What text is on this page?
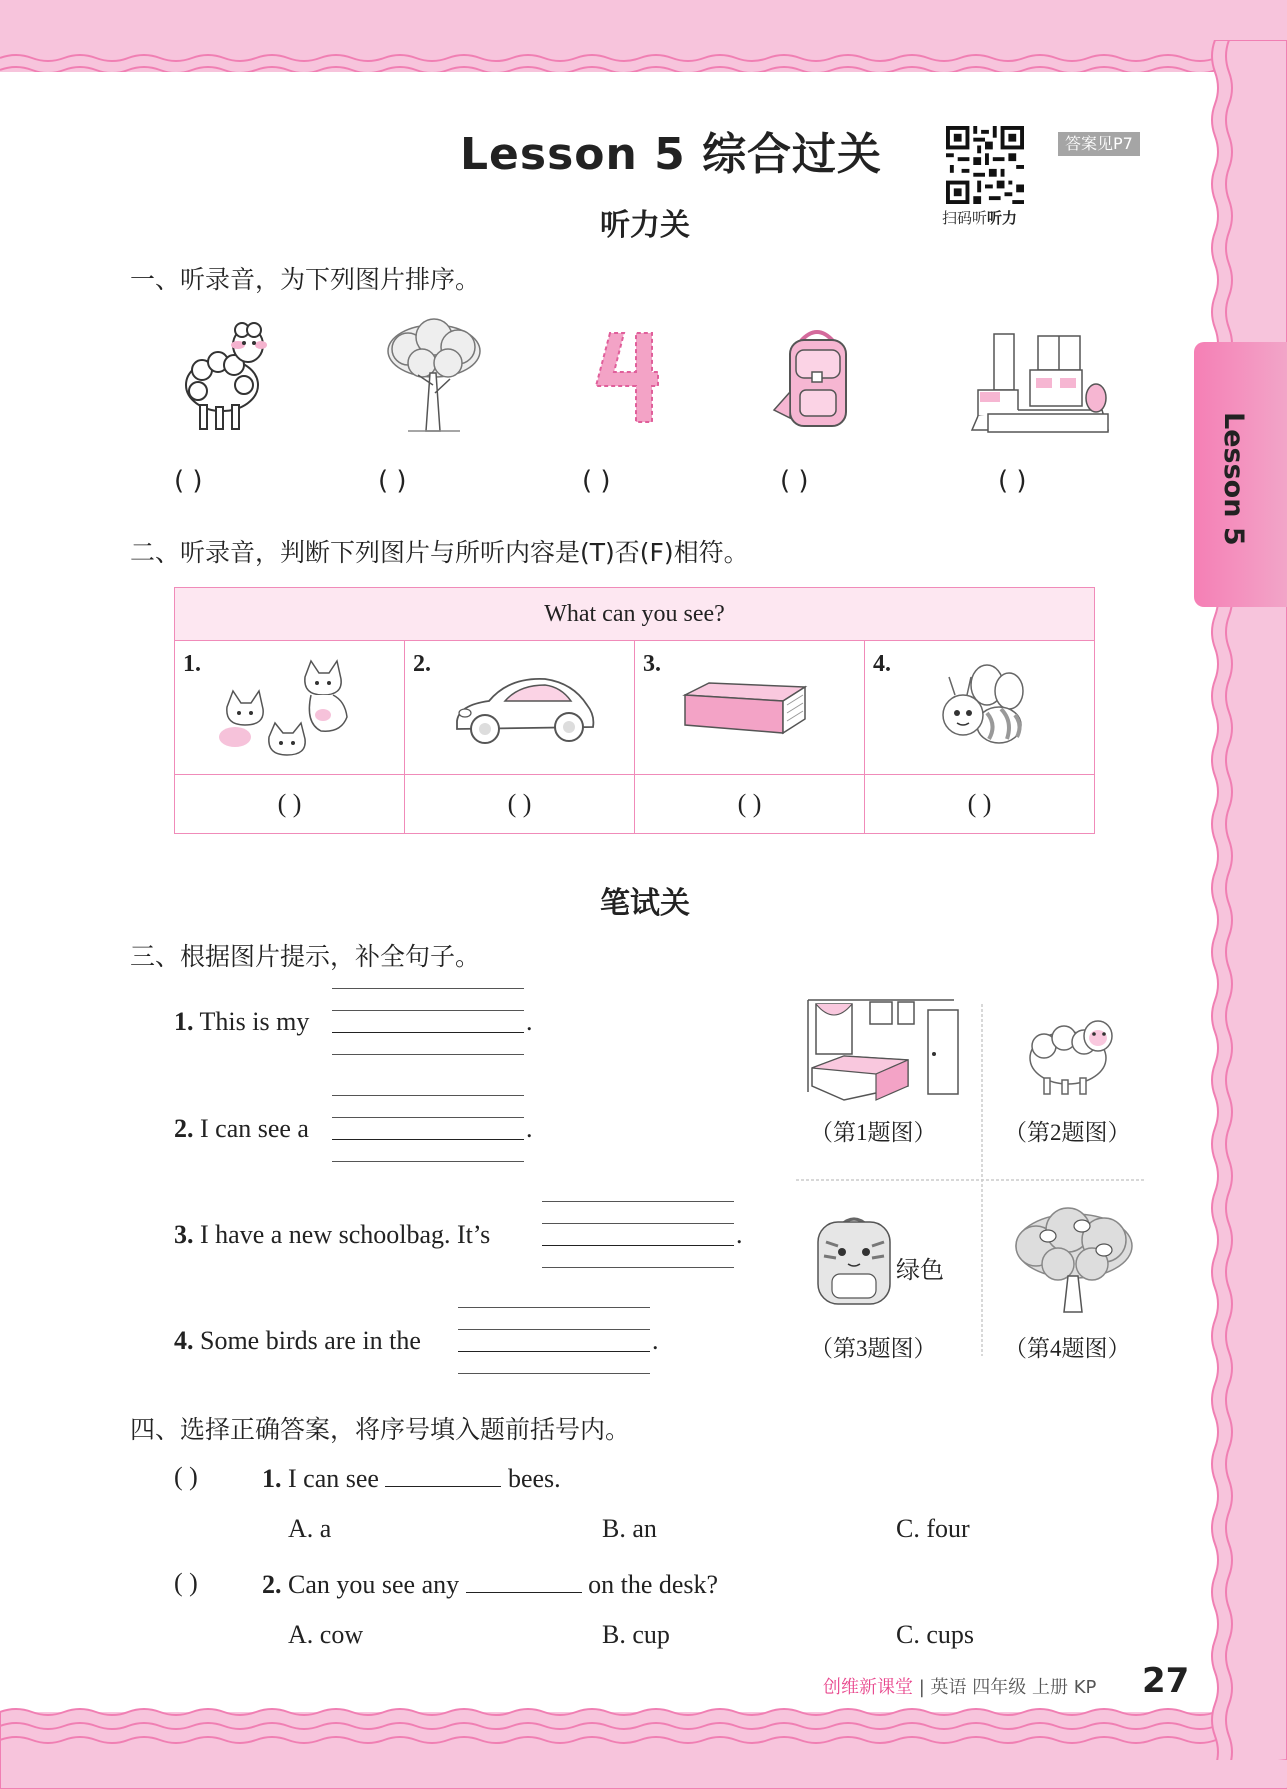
Lesson 5 综合过关
扫码听听力
答案见P7
Lesson 5
听力关
一、听录音，为下列图片排序。
( )	( )	( )	( )	( )
二、听录音，判断下列图片与所听内容是(T)否(F)相符。
What can you see?			

1.	2.	3.	4.

( )	( )	( )	( )
笔试关
三、根据图片提示，补全句子。
1. This is my	.
2. I can see a	.
3. I have a new schoolbag. It’s	.
4. Some birds are in the	.
（第1题图）	（第2题图）
绿色
（第3题图）	（第4题图）
四、选择正确答案，将序号填入题前括号内。
( ) 1. I can see	bees.
A. a	B. an	C. four
( ) 2. Can you see any	on the desk?
A. cow	B. cup	C. cups
创维新课堂 | 英语 四年级 上册 KP 27
